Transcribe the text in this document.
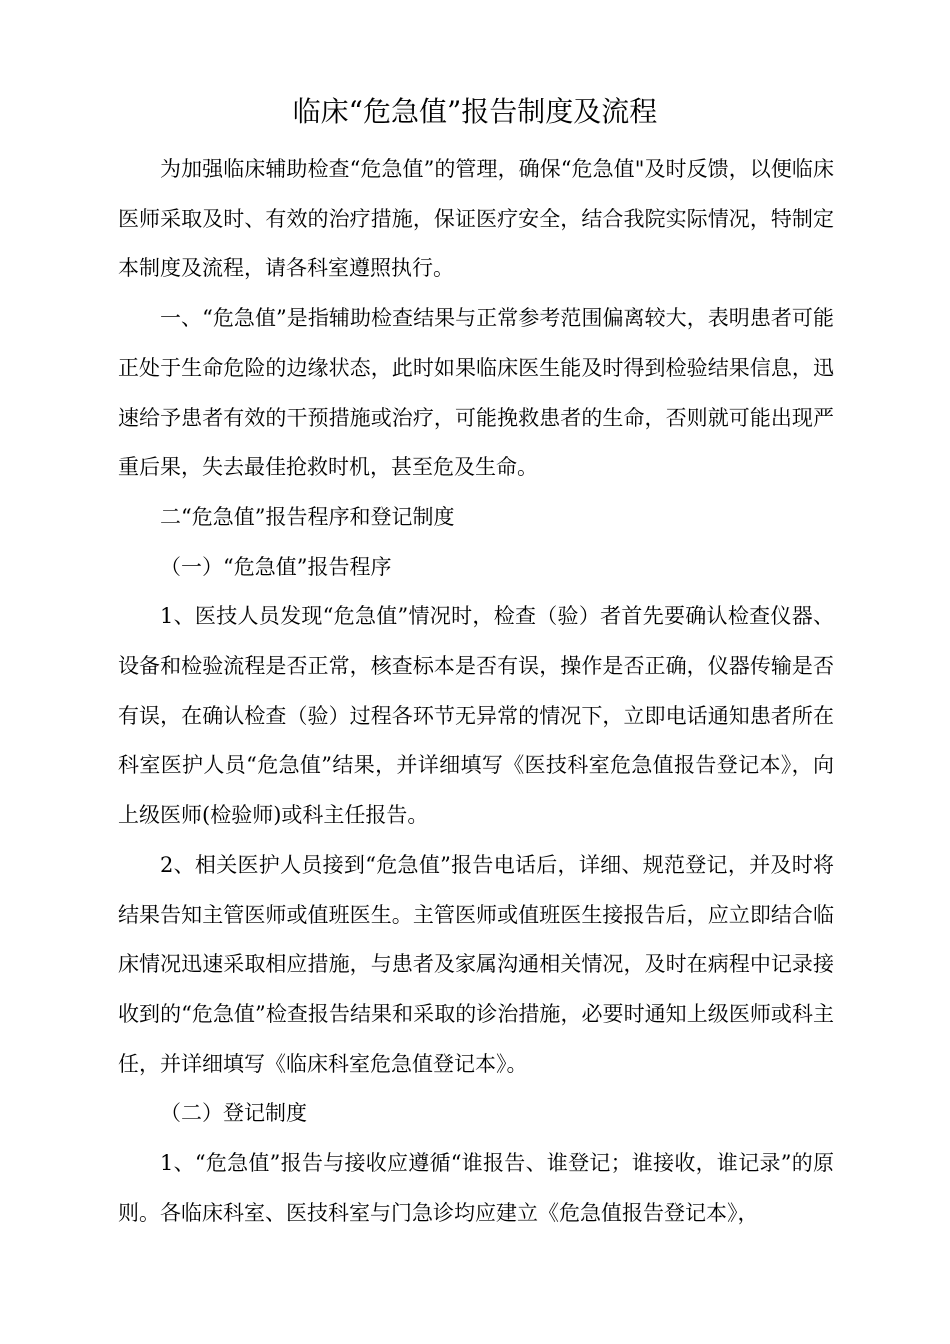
临床“危急值”报告制度及流程

为加强临床辅助检查“危急值”的管理，确保“危急值"及时反馈，以便临床医师采取及时、有效的治疗措施，保证医疗安全，结合我院实际情况，特制定本制度及流程，请各科室遵照执行。

一、“危急值”是指辅助检查结果与正常参考范围偏离较大，表明患者可能正处于生命危险的边缘状态，此时如果临床医生能及时得到检验结果信息，迅速给予患者有效的干预措施或治疗，可能挽救患者的生命，否则就可能出现严重后果，失去最佳抢救时机，甚至危及生命。

二“危急值”报告程序和登记制度

（一）“危急值”报告程序

1、医技人员发现“危急值”情况时，检查（验）者首先要确认检查仪器、设备和检验流程是否正常，核查标本是否有误，操作是否正确，仪器传输是否有误，在确认检查（验）过程各环节无异常的情况下，立即电话通知患者所在科室医护人员“危急值”结果，并详细填写《医技科室危急值报告登记本》，向上级医师(检验师)或科主任报告。

2、相关医护人员接到“危急值”报告电话后，详细、规范登记，并及时将结果告知主管医师或值班医生。主管医师或值班医生接报告后，应立即结合临床情况迅速采取相应措施，与患者及家属沟通相关情况，及时在病程中记录接收到的“危急值”检查报告结果和采取的诊治措施，必要时通知上级医师或科主任，并详细填写《临床科室危急值登记本》。

（二）登记制度

1、“危急值”报告与接收应遵循“谁报告、谁登记；谁接收，谁记录”的原则。各临床科室、医技科室与门急诊均应建立《危急值报告登记本》，
